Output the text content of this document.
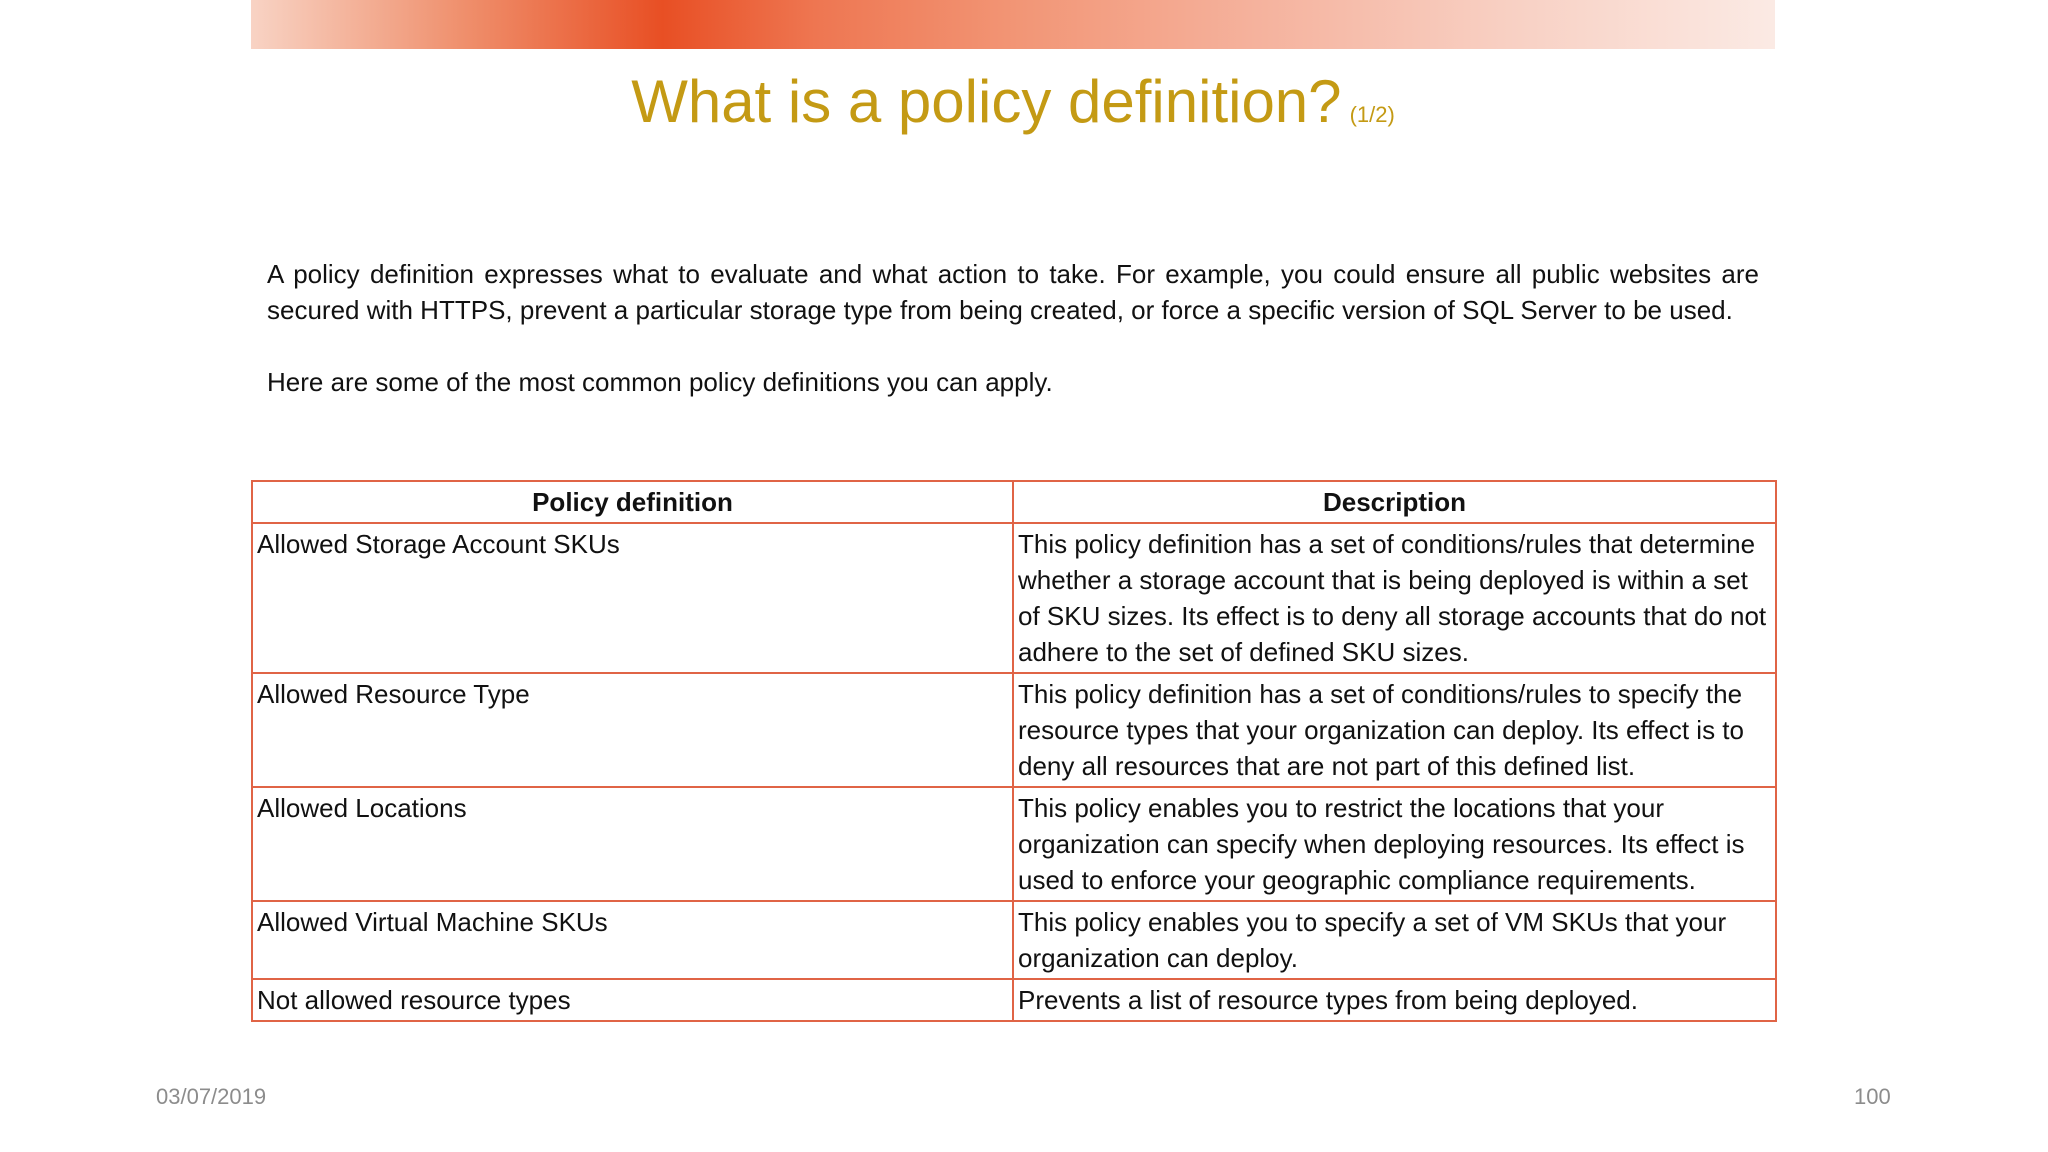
What is a policy definition? (1/2)

A policy definition expresses what to evaluate and what action to take. For example, you could ensure all public websites are secured with HTTPS, prevent a particular storage type from being created, or force a specific version of SQL Server to be used.

Here are some of the most common policy definitions you can apply.

Policy definition	Description
Allowed Storage Account SKUs	This policy definition has a set of conditions/rules that determine whether a storage account that is being deployed is within a set of SKU sizes. Its effect is to deny all storage accounts that do not adhere to the set of defined SKU sizes.
Allowed Resource Type	This policy definition has a set of conditions/rules to specify the resource types that your organization can deploy. Its effect is to deny all resources that are not part of this defined list.
Allowed Locations	This policy enables you to restrict the locations that your organization can specify when deploying resources. Its effect is used to enforce your geographic compliance requirements.
Allowed Virtual Machine SKUs	This policy enables you to specify a set of VM SKUs that your organization can deploy.
Not allowed resource types	Prevents a list of resource types from being deployed.
03/07/2019	100
